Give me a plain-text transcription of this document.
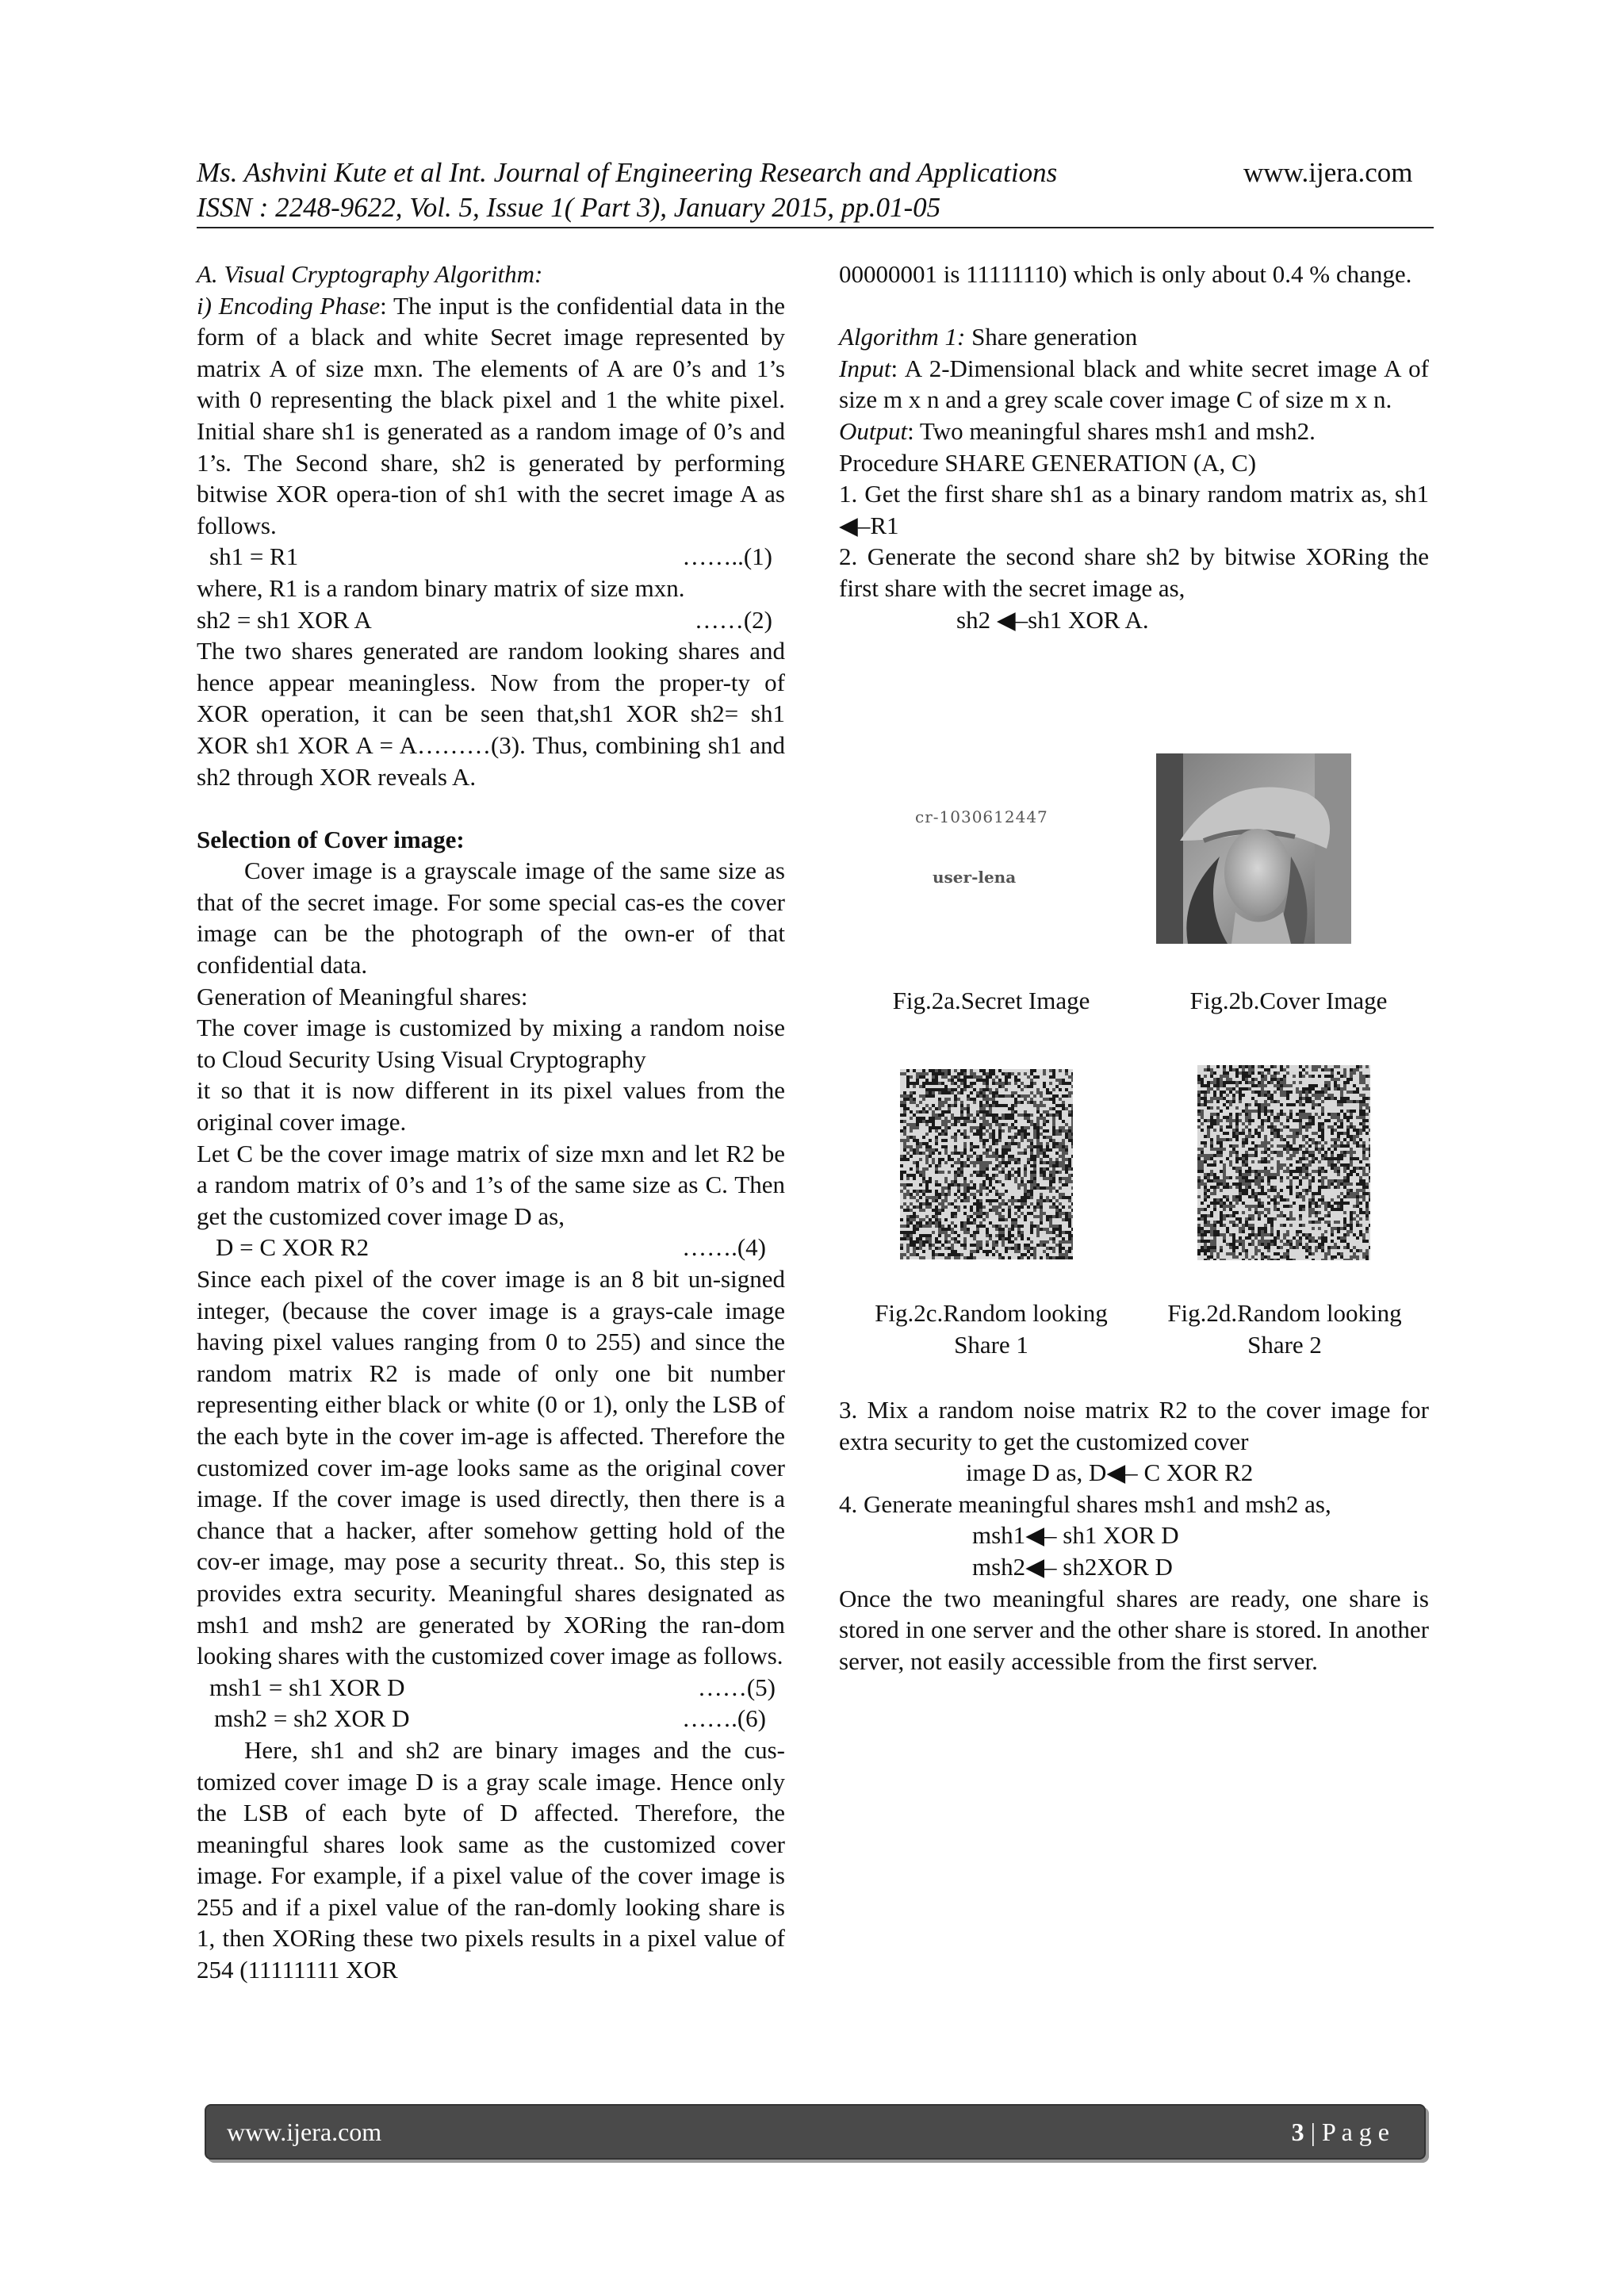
Ms. Ashvini Kute et al Int. Journal of Engineering Research and Applications	www.ijera.com
ISSN : 2248-9622, Vol. 5, Issue 1( Part 3), January 2015, pp.01-05

A. Visual Cryptography Algorithm:

i) Encoding Phase: The input is the confidential data in the form of a black and white Secret image represented by matrix A of size mxn. The elements of A are 0’s and 1’s with 0 representing the black pixel and 1 the white pixel. Initial share sh1 is generated as a random image of 0’s and 1’s. The Second share, sh2 is generated by performing bitwise XOR opera-tion of sh1 with the secret image A as follows.

sh1 = R1	……..(1)

where, R1 is a random binary matrix of size mxn.

sh2 = sh1 XOR A	……(2)

The two shares generated are random looking shares and hence appear meaningless. Now from the proper-ty of XOR operation, it can be seen that,sh1 XOR sh2= sh1 XOR sh1 XOR A = A………(3). Thus, combining sh1 and sh2 through XOR reveals A.

Selection of Cover image:

Cover image is a grayscale image of the same size as that of the secret image. For some special cas-es the cover image can be the photograph of the own-er of that confidential data.

Generation of Meaningful shares:

The cover image is customized by mixing a random noise to Cloud Security Using Visual Cryptography

it so that it is now different in its pixel values from the original cover image.

Let C be the cover image matrix of size mxn and let R2 be a random matrix of 0’s and 1’s of the same size as C. Then get the customized cover image D as,

D = C XOR R2	…….(4)

Since each pixel of the cover image is an 8 bit un-signed integer, (because the cover image is a grays-cale image having pixel values ranging from 0 to 255) and since the random matrix R2 is made of only one bit number representing either black or white (0 or 1), only the LSB of the each byte in the cover im-age is affected. Therefore the customized cover im-age looks same as the original cover image. If the cover image is used directly, then there is a chance that a hacker, after somehow getting hold of the cov-er image, may pose a security threat.. So, this step is provides extra security. Meaningful shares designated as msh1 and msh2 are generated by XORing the ran-dom looking shares with the customized cover image as follows.

msh1 = sh1 XOR D	……(5)
msh2 = sh2 XOR D	…….(6)

Here, sh1 and sh2 are binary images and the cus-tomized cover image D is a gray scale image. Hence only the LSB of each byte of D affected. Therefore, the meaningful shares look same as the customized cover image. For example, if a pixel value of the cover image is 255 and if a pixel value of the ran-domly looking share is 1, then XORing these two pixels results in a pixel value of 254 (11111111 XOR

00000001 is 11111110) which is only about 0.4 % change.

Algorithm 1: Share generation

Input: A 2-Dimensional black and white secret image A of size m x n and a grey scale cover image C of size m x n.

Output: Two meaningful shares msh1 and msh2.

Procedure SHARE GENERATION (A, C)

1. Get the first share sh1 as a binary random matrix as, sh1 ◀–R1

2. Generate the second share sh2 by bitwise XORing the first share with the secret image as,

sh2 ◀–sh1 XOR A.

cr-1030612447
user-lena
Fig.2a.Secret Image	Fig.2b.Cover Image
Fig.2c.Random looking
Share 1
Fig.2d.Random looking
Share 2

3. Mix a random noise matrix R2 to the cover image for extra security to get the customized cover

image D as, D◀– C XOR R2

4. Generate meaningful shares msh1 and msh2 as,

msh1◀– sh1 XOR D

msh2◀– sh2XOR D

Once the two meaningful shares are ready, one share is stored in one server and the other share is stored. In another server, not easily accessible from the first server.

www.ijera.com	3 | P a g e
